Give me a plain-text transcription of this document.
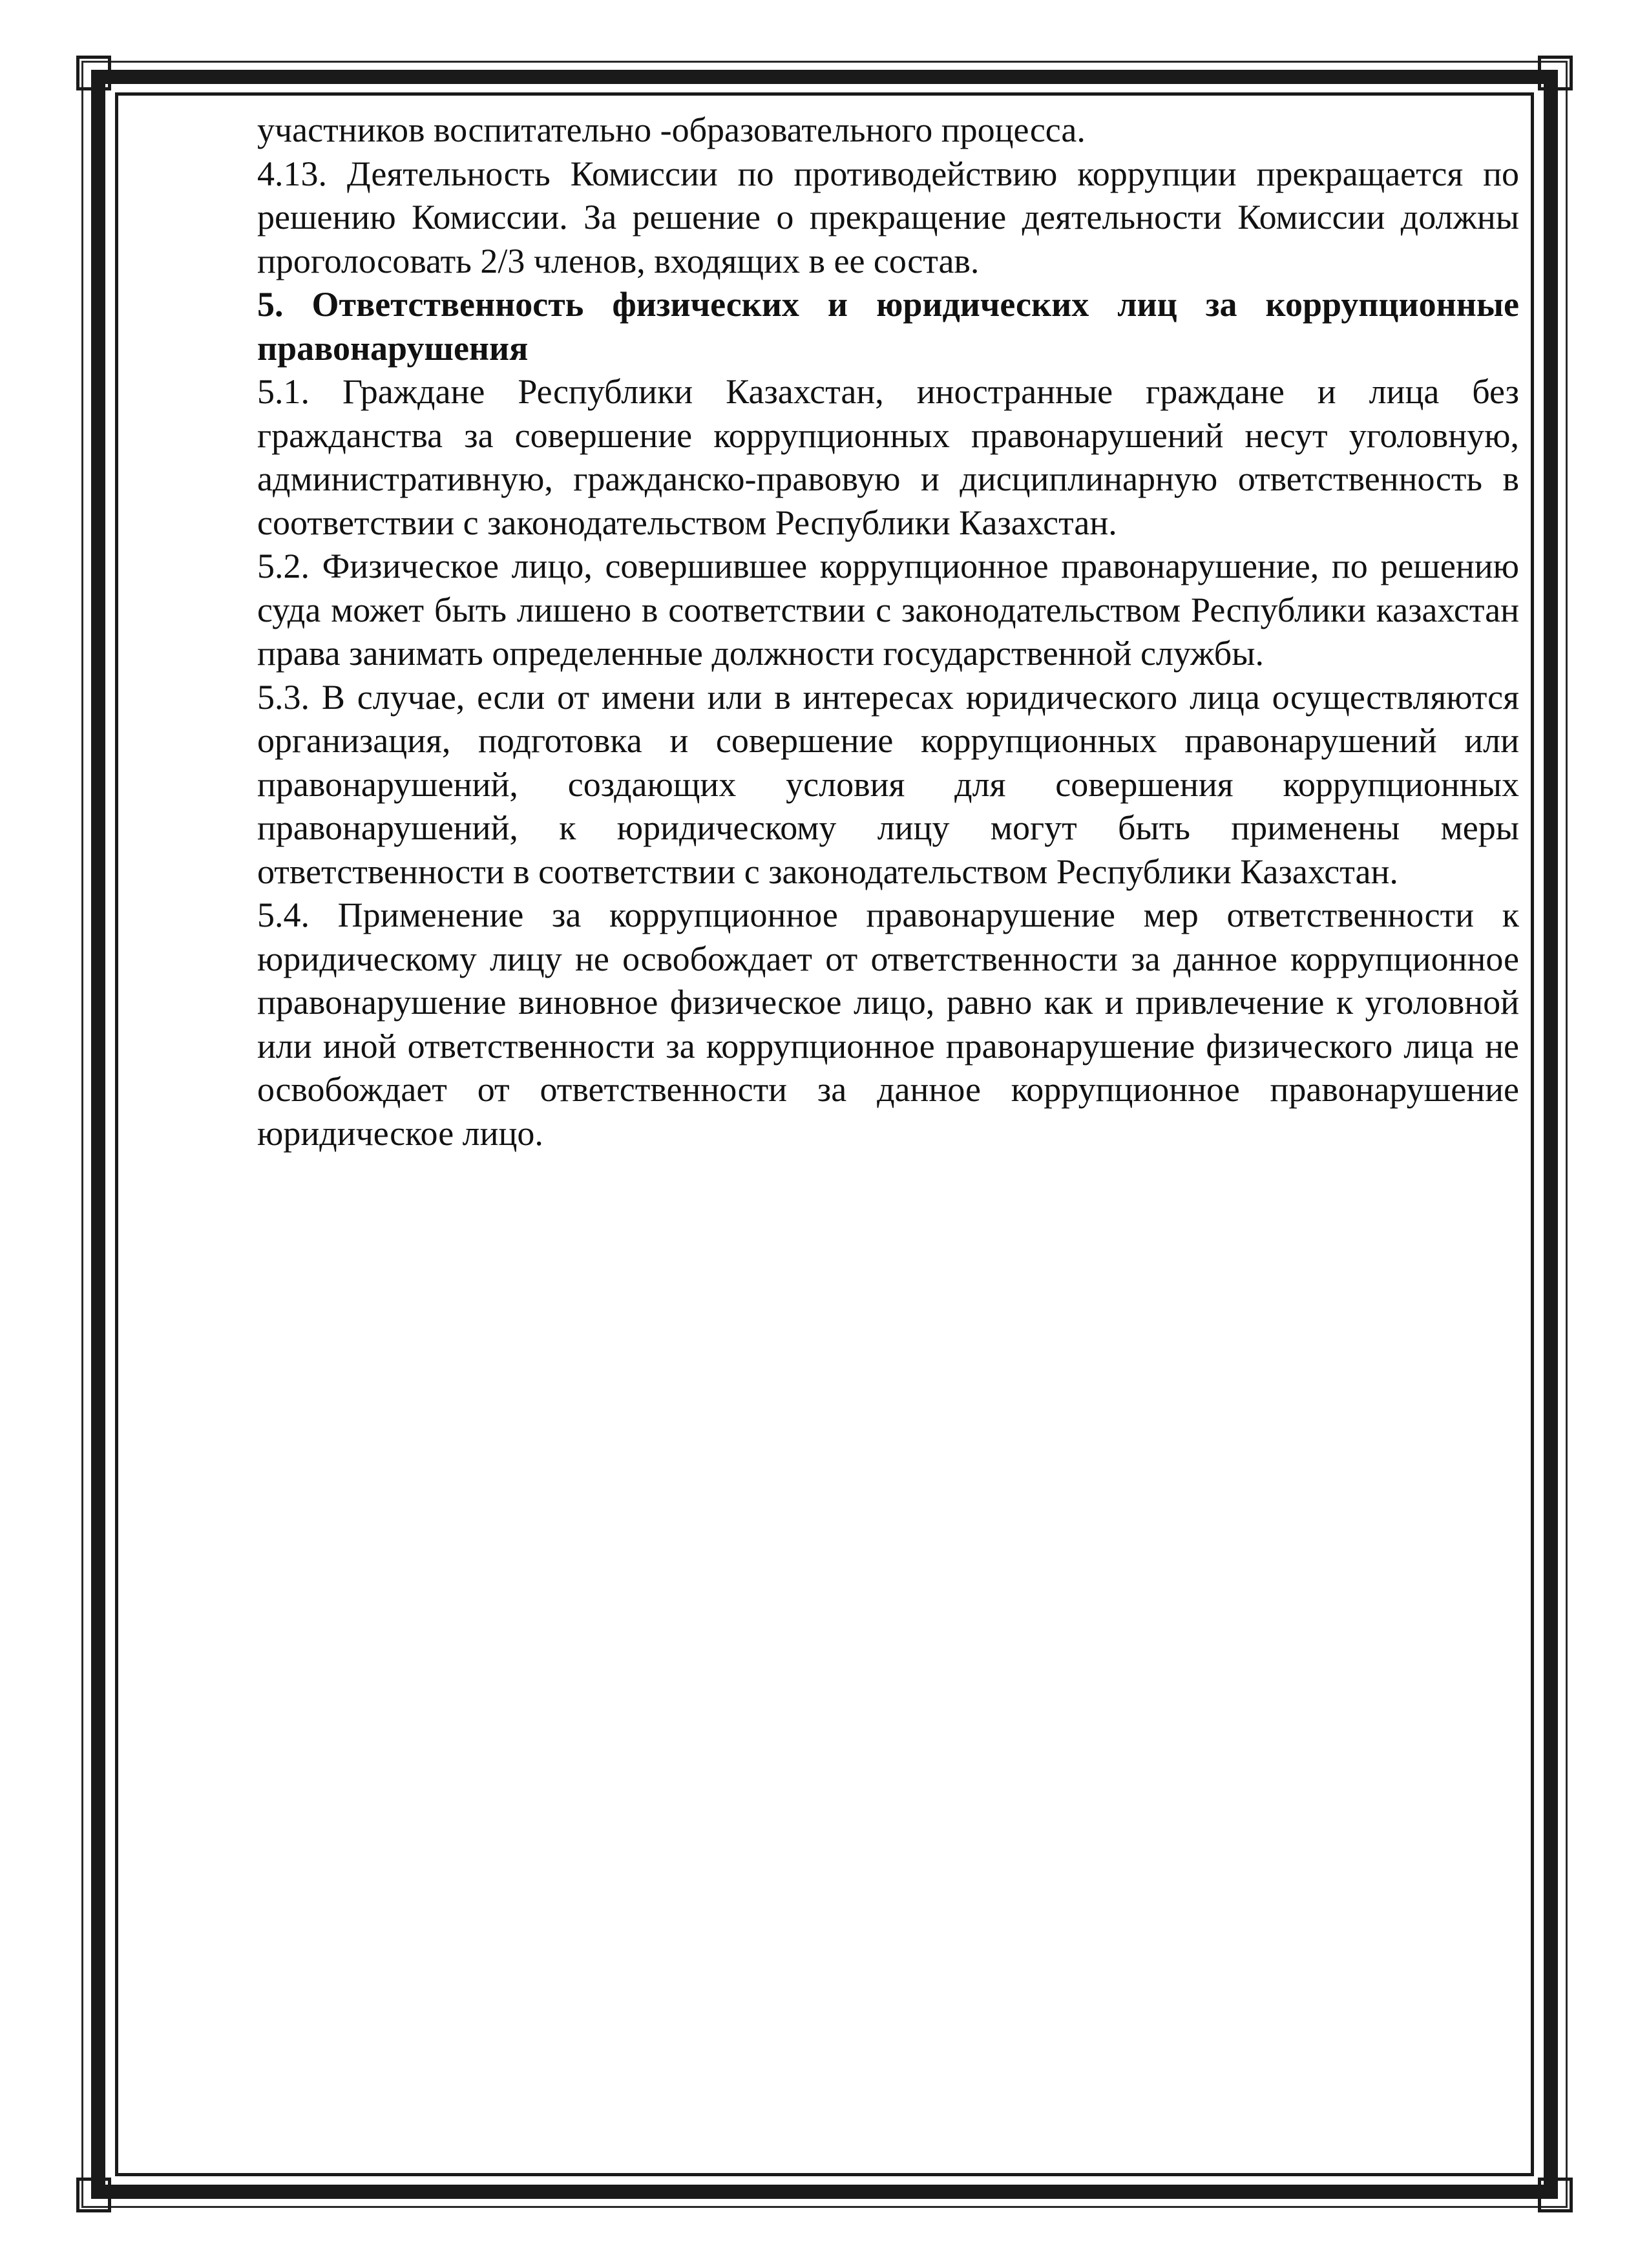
участников воспитательно -образовательного процесса.

4.13. Деятельность Комиссии по противодействию коррупции прекращается по решению Комиссии. За решение о прекращение деятельности Комиссии должны проголосовать 2/3 членов, входящих в ее состав.

5. Ответственность физических и юридических лиц за коррупционные правонарушения

5.1. Граждане Республики Казахстан, иностранные граждане и лица без гражданства за совершение коррупционных правонарушений несут уголовную, административную, гражданско-правовую и дисциплинарную ответственность в соответствии с законодательством Республики Казахстан.

5.2. Физическое лицо, совершившее коррупционное правонарушение, по решению суда может быть лишено в соответствии с законодательством Республики казахстан права занимать определенные должности государственной службы.

5.3. В случае, если от имени или в интересах юридического лица осуществляются организация, подготовка и совершение коррупционных правонарушений или правонарушений, создающих условия для совершения коррупционных правонарушений, к юридическому лицу могут быть применены меры ответственности в соответствии с законодательством Республики Казахстан.

5.4. Применение за коррупционное правонарушение мер ответственности к юридическому лицу не освобождает от ответственности за данное коррупционное правонарушение виновное физическое лицо, равно как и привлечение к уголовной или иной ответственности за коррупционное правонарушение физического лица не освобождает от ответственности за данное коррупционное правонарушение юридическое лицо.
